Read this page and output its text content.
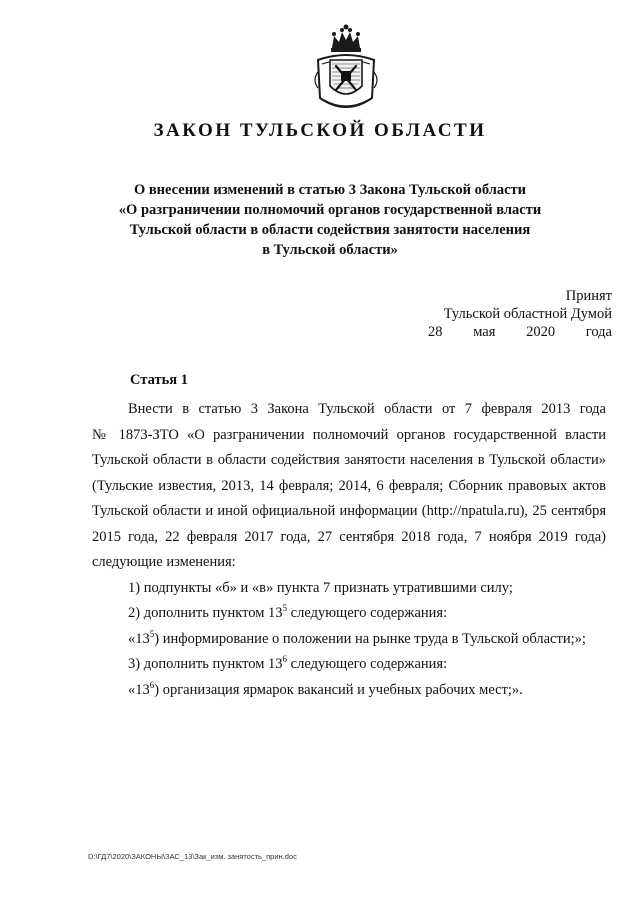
ЗАКОН ТУЛЬСКОЙ ОБЛАСТИ
О внесении изменений в статью 3 Закона Тульской области
«О разграничении полномочий органов государственной власти
Тульской области в области содействия занятости населения
в Тульской области»
Принят
Тульской областной Думой
28 мая 2020 года
Статья 1
Внести в статью 3 Закона Тульской области от 7 февраля 2013 года
№ 1873-ЗТО «О разграничении полномочий органов государственной власти Тульской области в области содействия занятости населения в Тульской области» (Тульские известия, 2013, 14 февраля; 2014, 6 февраля; Сборник правовых актов Тульской области и иной официальной информации (http://npatula.ru), 25 сентября 2015 года, 22 февраля 2017 года, 27 сентября 2018 года, 7 ноября 2019 года) следующие изменения:
1) подпункты «б» и «в» пункта 7 признать утратившими силу;
2) дополнить пунктом $13^5$ следующего содержания:
«$13^5$) информирование о положении на рынке труда в Тульской области;»;
3) дополнить пунктом $13^6$ следующего содержания:
«$13^6$) организация ярмарок вакансий и учебных рабочих мест;».
D:\ГД7\2020\ЗАКОНЫ\ЗАС_13\Зак_изм. занятость_прин.doc
